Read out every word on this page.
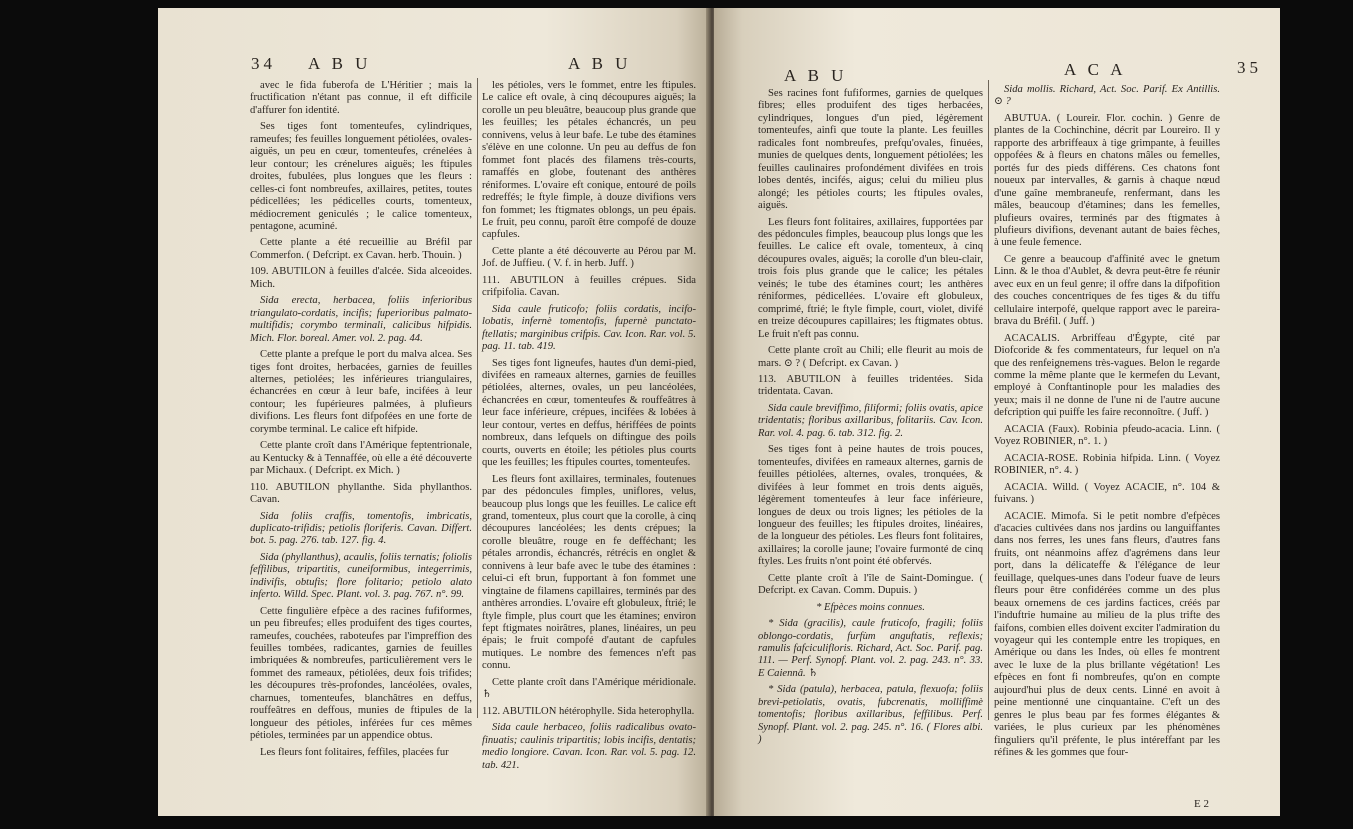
34 A B U	A B U

avec le fida fuberofa de L'Héritier ; mais la fructification n'étant pas connue, il eft difficile d'affurer fon identité.

Ses tiges font tomenteufes, cylindriques, rameufes; fes feuilles longuement pétiolées, ovales-aiguës, un peu en cœur, tomenteufes, crénelées à leur contour; les crénelures aiguës; les ftipules droites, fubulées, plus longues que les fleurs : celles-ci font nombreufes, axillaires, petites, toutes pédicellées; les pédicelles courts, tomenteux, médiocrement geniculés ; le calice tomenteux, pentagone, acuminé.

Cette plante a été recueillie au Bréfil par Commerfon. ( Defcript. ex Cavan. herb. Thouin. )

109. ABUTILON à feuilles d'alcée. Sida alceoides. Mich.

Sida erecta, herbacea, foliis inferioribus triangulato-cordatis, incifis; fuperioribus palmato-multifidis; corymbo terminali, calicibus hifpidis. Mich. Flor. boreal. Amer. vol. 2. pag. 44.

Cette plante a prefque le port du malva alcea. Ses tiges font droites, herbacées, garnies de feuilles alternes, petiolées; les inférieures triangulaires, échancrées en cœur à leur bafe, incifées à leur contour; les fupérieures palmées, à plufieurs divifions. Les fleurs font difpofées en une forte de corymbe terminal. Le calice eft hifpide.

Cette plante croît dans l'Amérique feptentrionale, au Kentucky & à Tennaffée, où elle a été découverte par Michaux. ( Defcript. ex Mich. )

110. ABUTILON phyllanthe. Sida phyllanthos. Cavan.

Sida foliis craffis, tomentofis, imbricatis, duplicato-trifidis; petiolis floriferis. Cavan. Differt. bot. 5. pag. 276. tab. 127. fig. 4.

Sida (phyllanthus), acaulis, foliis ternatis; foliolis feffilibus, tripartitis, cuneiformibus, integerrimis, indivifis, obtufis; flore folitario; petiolo alato inferto. Willd. Spec. Plant. vol. 3. pag. 767. n°. 99.

Cette fingulière efpèce a des racines fufiformes, un peu fibreufes; elles produifent des tiges courtes, rameufes, couchées, raboteufes par l'impreffion des feuilles tombées, radicantes, garnies de feuilles imbriquées & nombreufes, particulièrement vers le fommet des rameaux, pétiolées, deux fois trifides; les découpures très-profondes, lancéolées, ovales, charnues, tomenteufes, blanchâtres en deffus, rouffeâtres en deffous, munies de ftipules de la longueur des pétioles, inférées fur ces mêmes pétioles, terminées par un appendice obtus.

Les fleurs font folitaires, feffiles, placées fur

les pétioles, vers le fommet, entre les ftipules. Le calice eft ovale, à cinq découpures aiguës; la corolle un peu bleuâtre, beaucoup plus grande que les feuilles; les pétales échancrés, un peu connivens, velus à leur bafe. Le tube des étamines s'élève en une colonne. Un peu au deffus de fon fommet font placés des filamens très-courts, ramaffés en globe, foutenant des anthères réniformes. L'ovaire eft conique, entouré de poils redreffés; le ftyle fimple, à douze divifions vers fon fommet; les ftigmates oblongs, un peu épais. Le fruit, peu connu, paroît être compofé de douze capfules.

Cette plante a été découverte au Pérou par M. Jof. de Juffieu. ( V. f. in herb. Juff. )

111. ABUTILON à feuilles crépues. Sida crifpifolia. Cavan.

Sida caule fruticofo; foliis cordatis, incifo-lobatis, infernè tomentofis, fupernè punctato-ftellatis; marginibus crifpis. Cav. Icon. Rar. vol. 5. pag. 11. tab. 419.

Ses tiges font ligneufes, hautes d'un demi-pied, divifées en rameaux alternes, garnies de feuilles pétiolées, alternes, ovales, un peu lancéolées, échancrées en cœur, tomenteufes & rouffeâtres à leur face inférieure, crépues, incifées & lobées à leur contour, vertes en deffus, hériffées de points nombreux, dans lefquels on diftingue des poils courts, ouverts en étoile; les pétioles plus courts que les feuilles; les ftipules courtes, tomenteufes.

Les fleurs font axillaires, terminales, foutenues par des pédoncules fimples, uniflores, velus, beaucoup plus longs que les feuilles. Le calice eft grand, tomenteux, plus court que la corolle, à cinq découpures lancéolées; les dents crépues; la corolle bleuâtre, rouge en fe defféchant; les pétales arrondis, échancrés, rétrécis en onglet & connivens à leur bafe avec le tube des étamines : celui-ci eft brun, fupportant à fon fommet une vingtaine de filamens capillaires, terminés par des anthères arrondies. L'ovaire eft globuleux, ftrié; le ftyle fimple, plus court que les étamines; environ fept ftigmates noirâtres, planes, linéaires, un peu épais; le fruit compofé d'autant de capfules mutiques. Le nombre des femences n'eft pas connu.

Cette plante croît dans l'Amérique méridionale. ♄

112. ABUTILON hétérophylle. Sida heterophylla.

Sida caule herbaceo, foliis radicalibus ovato-finuatis; caulinis tripartitis; lobis incifis, dentatis; medio longiore. Cavan. Icon. Rar. vol. 5. pag. 12. tab. 421.

A B U	A C A	35

Ses racines font fufiformes, garnies de quelques fibres; elles produifent des tiges herbacées, cylindriques, longues d'un pied, légèrement tomenteufes, ainfi que toute la plante. Les feuilles radicales font nombreufes, prefqu'ovales, finuées, munies de quelques dents, longuement pétiolées; les feuilles caulinaires profondément divifées en trois lobes dentés, incifés, aigus; celui du milieu plus alongé; les pétioles courts; les ftipules ovales, aiguës.

Les fleurs font folitaires, axillaires, fupportées par des pédoncules fimples, beaucoup plus longs que les feuilles. Le calice eft ovale, tomenteux, à cinq découpures ovales, aiguës; la corolle d'un bleu-clair, trois fois plus grande que le calice; les pétales veinés; le tube des étamines court; les anthères réniformes, pédicellées. L'ovaire eft globuleux, comprimé, ftrié; le ftyle fimple, court, violet, divifé en treize découpures capillaires; les ftigmates obtus. Le fruit n'eft pas connu.

Cette plante croît au Chili; elle fleurit au mois de mars. ⊙ ? ( Defcript. ex Cavan. )

113. ABUTILON à feuilles tridentées. Sida tridentata. Cavan.

Sida caule breviffimo, filiformi; foliis ovatis, apice tridentatis; floribus axillaribus, folitariis. Cav. Icon. Rar. vol. 4. pag. 6. tab. 312. fig. 2.

Ses tiges font à peine hautes de trois pouces, tomenteufes, divifées en rameaux alternes, garnis de feuilles pétiolées, alternes, ovales, tronquées, & divifées à leur fommet en trois dents aiguës, légèrement tomenteufes à leur face inférieure, longues de deux ou trois lignes; les pétioles de la longueur des feuilles; les ftipules droites, linéaires, de la longueur des pétioles. Les fleurs font folitaires, axillaires; la corolle jaune; l'ovaire furmonté de cinq ftyles. Les fruits n'ont point été obfervés.

Cette plante croît à l'île de Saint-Domingue. ( Defcript. ex Cavan. Comm. Dupuis. )

* Efpèces moins connues.

* Sida (gracilis), caule fruticofo, fragili; foliis oblongo-cordatis, furfùm anguftatis, reflexis; ramulis fafciculifloris. Richard, Act. Soc. Parif. pag. 111. — Perf. Synopf. Plant. vol. 2. pag. 243. n°. 33. E Caiennâ. ♄

* Sida (patula), herbacea, patula, flexuofa; foliis brevi-petiolatis, ovatis, fubcrenatis, molliffimè tomentofis; floribus axillaribus, feffilibus. Perf. Synopf. Plant. vol. 2. pag. 245. n°. 16. ( Flores albi. )

Sida mollis. Richard, Act. Soc. Parif. Ex Antillis. ⊙ ?

ABUTUA. ( Loureir. Flor. cochin. ) Genre de plantes de la Cochinchine, décrit par Loureiro. Il y rapporte des arbriffeaux à tige grimpante, à feuilles oppofées & à fleurs en chatons mâles ou femelles, portés fur des pieds différens. Ces chatons font noueux par intervalles, & garnis à chaque nœud d'une gaîne membraneufe, renfermant, dans les mâles, beaucoup d'étamines; dans les femelles, plufieurs ovaires, terminés par des ftigmates à plufieurs divifions, devenant autant de baies fèches, à une feule femence.

Ce genre a beaucoup d'affinité avec le gnetum Linn. & le thoa d'Aublet, & devra peut-être fe réunir avec eux en un feul genre; il offre dans la difpofition des couches concentriques de fes tiges & du tiffu cellulaire interpofé, quelque rapport avec le pareira-brava du Bréfil. ( Juff. )

ACACALIS. Arbriffeau d'Égypte, cité par Diofcoride & fes commentateurs, fur lequel on n'a que des renfeignemens très-vagues. Belon le regarde comme la même plante que le kermefen du Levant, employé à Conftantinople pour les maladies des yeux; mais il ne donne de l'une ni de l'autre aucune defcription qui puiffe les faire reconnoître. ( Juff. )

ACACIA (Faux). Robinia pfeudo-acacia. Linn. ( Voyez ROBINIER, n°. 1. )

ACACIA-ROSE. Robinia hifpida. Linn. ( Voyez ROBINIER, n°. 4. )

ACACIA. Willd. ( Voyez ACACIE, n°. 104 & fuivans. )

ACACIE. Mimofa. Si le petit nombre d'efpèces d'acacies cultivées dans nos jardins ou languiffantes dans nos ferres, les unes fans fleurs, d'autres fans fruits, ont néanmoins affez d'agrémens dans leur port, dans la délicateffe & l'élégance de leur feuillage, quelques-unes dans l'odeur fuave de leurs fleurs pour être confidérées comme un des plus beaux ornemens de ces jardins factices, créés par l'induftrie humaine au milieu de la plus trifte des faifons, combien elles doivent exciter l'admiration du voyageur qui les contemple entre les tropiques, en Amérique ou dans les Indes, où elles fe montrent avec le luxe de la plus brillante végétation! Les efpèces en font fi nombreufes, qu'on en compte aujourd'hui plus de deux cents. Linné en avoit à peine mentionné une cinquantaine. C'eft un des genres le plus beau par fes formes élégantes & variées, le plus curieux par les phénomènes finguliers qu'il préfente, le plus intéreffant par les réfines & les gommes que four-

E 2
